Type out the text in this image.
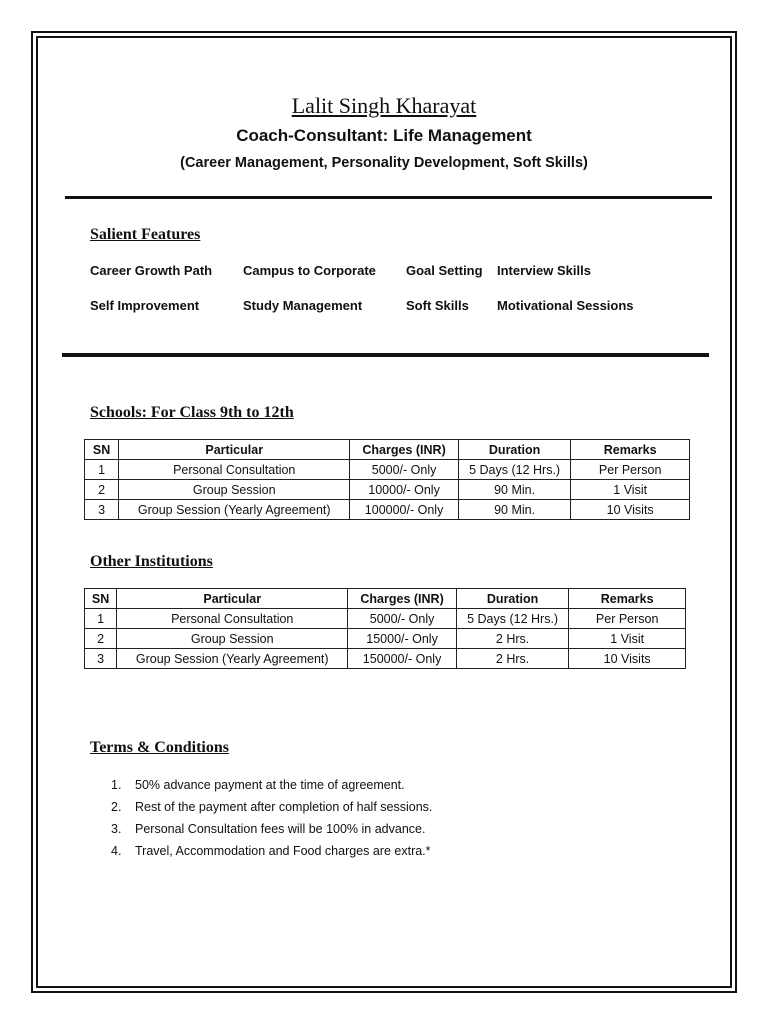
Lalit Singh Kharayat
Coach-Consultant: Life Management
(Career Management, Personality Development, Soft Skills)
Salient Features
Career Growth Path Campus to Corporate Goal Setting Interview Skills
Self Improvement	Study Management	Soft Skills Motivational Sessions
Schools: For Class 9th to 12th
SN	Particular	Charges (INR)	Duration	Remarks
1	Personal Consultation	5000/- Only	5 Days (12 Hrs.)	Per Person
2	Group Session	10000/- Only	90 Min.	1 Visit
3	Group Session (Yearly Agreement)	100000/- Only	90 Min.	10 Visits
Other Institutions
SN	Particular	Charges (INR)	Duration	Remarks
1	Personal Consultation	5000/- Only	5 Days (12 Hrs.)	Per Person
2	Group Session	15000/- Only	2 Hrs.	1 Visit
3	Group Session (Yearly Agreement)	150000/- Only	2 Hrs.	10 Visits
Terms & Conditions
1. 50% advance payment at the time of agreement.
2. Rest of the payment after completion of half sessions.
3. Personal Consultation fees will be 100% in advance.
4. Travel, Accommodation and Food charges are extra.*
